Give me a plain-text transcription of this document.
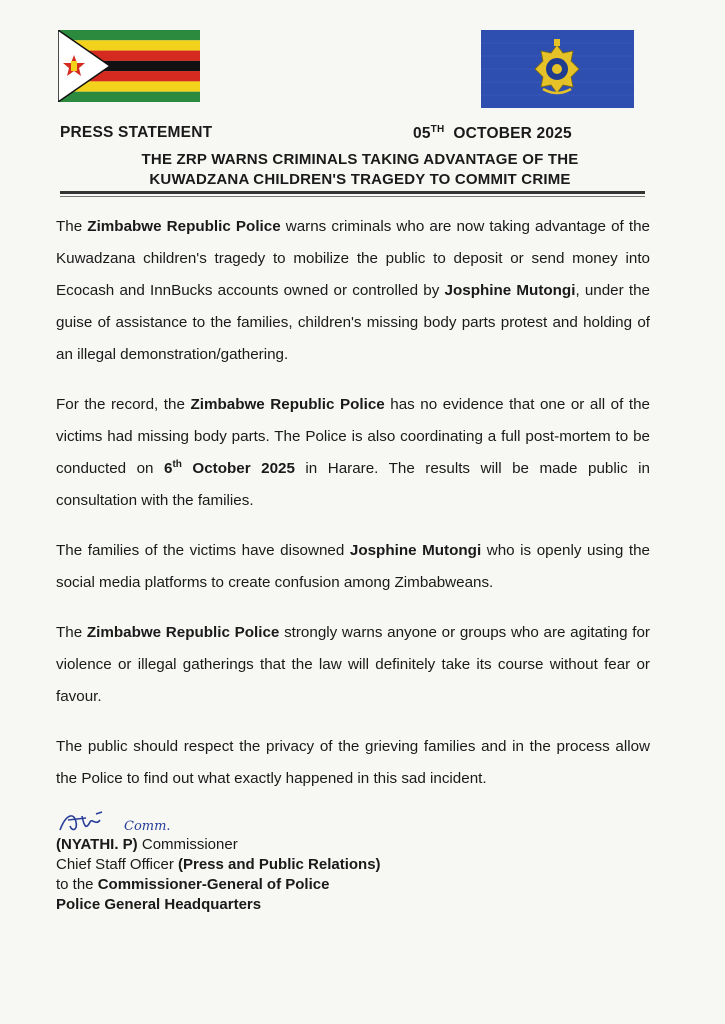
PRESS STATEMENT	05TH OCTOBER 2025
THE ZRP WARNS CRIMINALS TAKING ADVANTAGE OF THE
KUWADZANA CHILDREN'S TRAGEDY TO COMMIT CRIME

The Zimbabwe Republic Police warns criminals who are now taking advantage of the Kuwadzana children's tragedy to mobilize the public to deposit or send money into Ecocash and InnBucks accounts owned or controlled by Josphine Mutongi, under the guise of assistance to the families, children's missing body parts protest and holding of an illegal demonstration/gathering.

For the record, the Zimbabwe Republic Police has no evidence that one or all of the victims had missing body parts. The Police is also coordinating a full post-mortem to be conducted on 6th October 2025 in Harare. The results will be made public in consultation with the families.

The families of the victims have disowned Josphine Mutongi who is openly using the social media platforms to create confusion among Zimbabweans.

The Zimbabwe Republic Police strongly warns anyone or groups who are agitating for violence or illegal gatherings that the law will definitely take its course without fear or favour.

The public should respect the privacy of the grieving families and in the process allow the Police to find out what exactly happened in this sad incident.

Comm.
(NYATHI. P) Commissioner
Chief Staff Officer (Press and Public Relations)
to the Commissioner-General of Police
Police General Headquarters
